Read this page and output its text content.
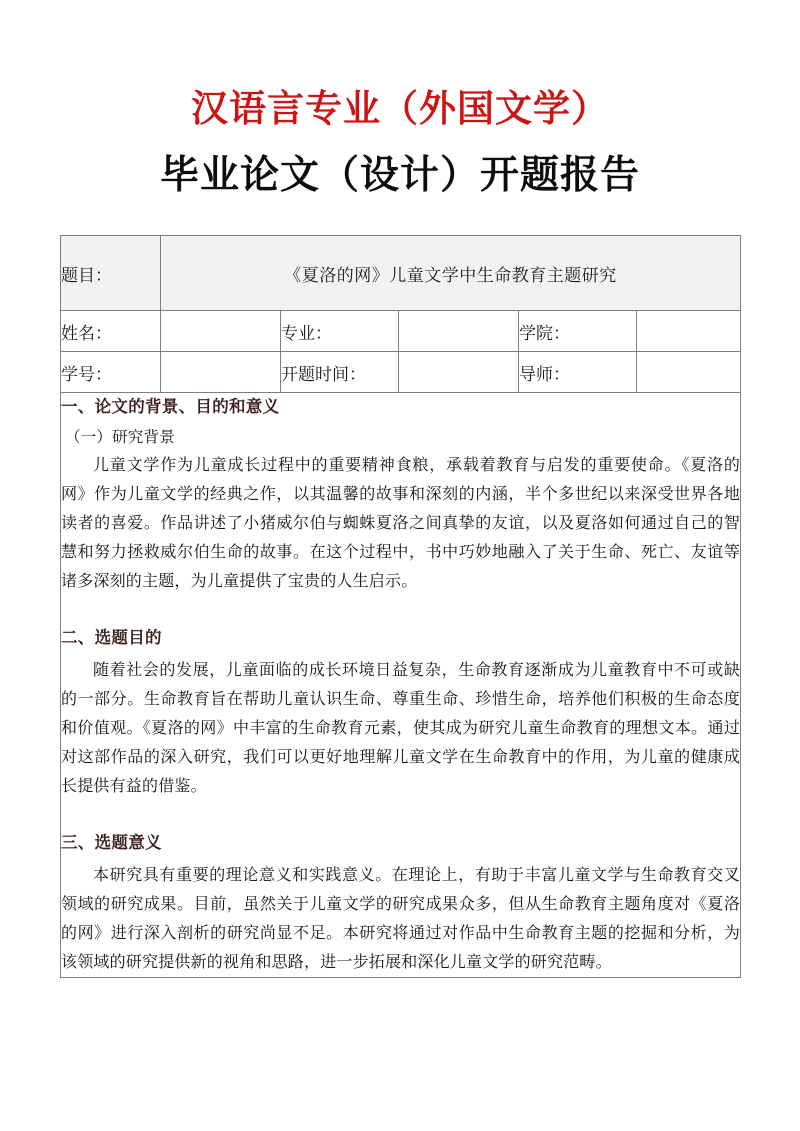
汉语言专业（外国文学）
毕业论文（设计）开题报告
题目：	《夏洛的网》儿童文学中生命教育主题研究				
姓名：		专业：		学院：	
学号：		开题时间：		导师：	

一、论文的背景、目的和意义
（一）研究背景

儿童文学作为儿童成长过程中的重要精神食粮，承载着教育与启发的重要使命。《夏洛的网》作为儿童文学的经典之作，以其温馨的故事和深刻的内涵，半个多世纪以来深受世界各地读者的喜爱。作品讲述了小猪威尔伯与蜘蛛夏洛之间真挚的友谊，以及夏洛如何通过自己的智慧和努力拯救威尔伯生命的故事。在这个过程中，书中巧妙地融入了关于生命、死亡、友谊等诸多深刻的主题，为儿童提供了宝贵的人生启示。

二、选题目的

随着社会的发展，儿童面临的成长环境日益复杂，生命教育逐渐成为儿童教育中不可或缺的一部分。生命教育旨在帮助儿童认识生命、尊重生命、珍惜生命，培养他们积极的生命态度和价值观。《夏洛的网》中丰富的生命教育元素，使其成为研究儿童生命教育的理想文本。通过对这部作品的深入研究，我们可以更好地理解儿童文学在生命教育中的作用，为儿童的健康成长提供有益的借鉴。

三、选题意义

本研究具有重要的理论意义和实践意义。在理论上，有助于丰富儿童文学与生命教育交叉领域的研究成果。目前，虽然关于儿童文学的研究成果众多，但从生命教育主题角度对《夏洛的网》进行深入剖析的研究尚显不足。本研究将通过对作品中生命教育主题的挖掘和分析，为该领域的研究提供新的视角和思路，进一步拓展和深化儿童文学的研究范畴。
